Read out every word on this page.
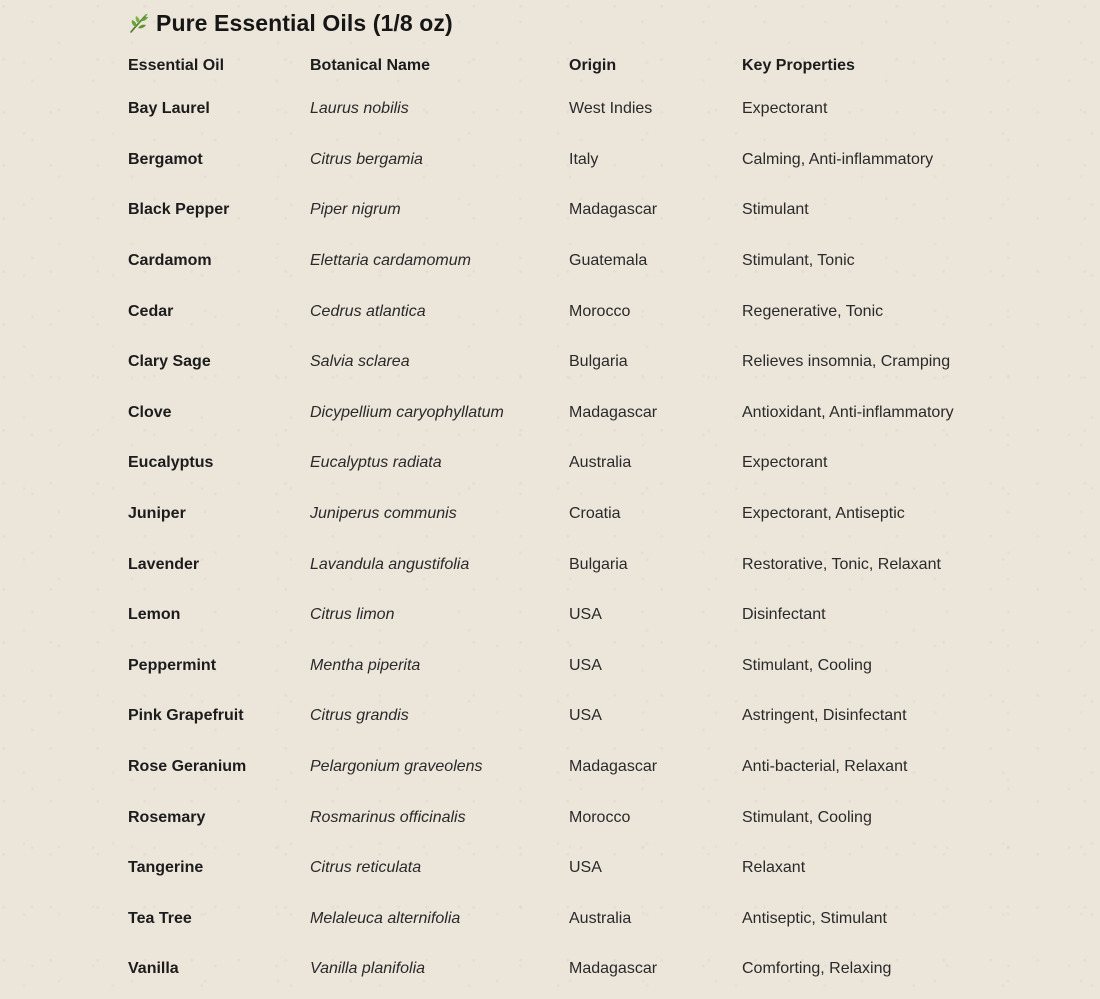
Pure Essential Oils (1/8 oz)
Essential Oil	Botanical Name	Origin	Key Properties
Bay Laurel	Laurus nobilis	West Indies	Expectorant
Bergamot	Citrus bergamia	Italy	Calming, Anti-inflammatory
Black Pepper	Piper nigrum	Madagascar	Stimulant
Cardamom	Elettaria cardamomum	Guatemala	Stimulant, Tonic
Cedar	Cedrus atlantica	Morocco	Regenerative, Tonic
Clary Sage	Salvia sclarea	Bulgaria	Relieves insomnia, Cramping
Clove	Dicypellium caryophyllatum	Madagascar	Antioxidant, Anti-inflammatory
Eucalyptus	Eucalyptus radiata	Australia	Expectorant
Juniper	Juniperus communis	Croatia	Expectorant, Antiseptic
Lavender	Lavandula angustifolia	Bulgaria	Restorative, Tonic, Relaxant
Lemon	Citrus limon	USA	Disinfectant
Peppermint	Mentha piperita	USA	Stimulant, Cooling
Pink Grapefruit	Citrus grandis	USA	Astringent, Disinfectant
Rose Geranium	Pelargonium graveolens	Madagascar	Anti-bacterial, Relaxant
Rosemary	Rosmarinus officinalis	Morocco	Stimulant, Cooling
Tangerine	Citrus reticulata	USA	Relaxant
Tea Tree	Melaleuca alternifolia	Australia	Antiseptic, Stimulant
Vanilla	Vanilla planifolia	Madagascar	Comforting, Relaxing
